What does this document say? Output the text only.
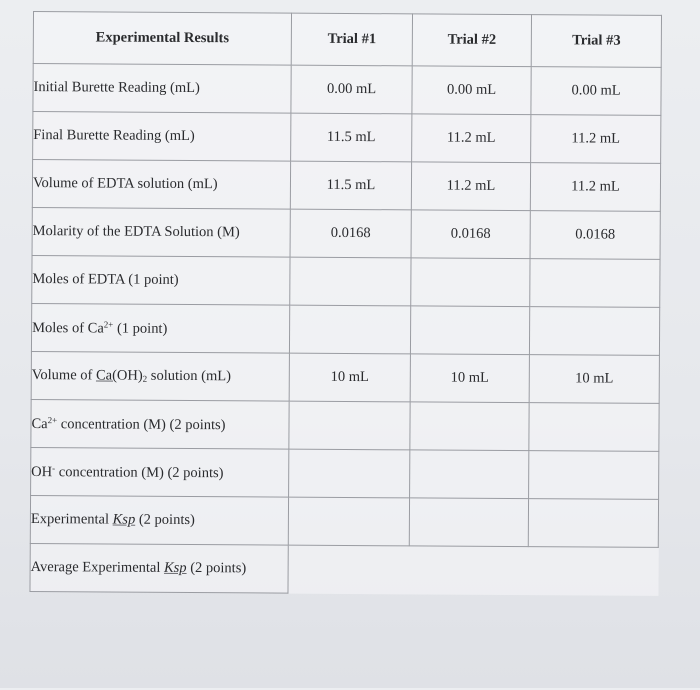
Experimental Results	Trial #1	Trial #2	Trial #3
Initial Burette Reading (mL)	0.00 mL	0.00 mL	0.00 mL
Final Burette Reading (mL)	11.5 mL	11.2 mL	11.2 mL
Volume of EDTA solution (mL)	11.5 mL	11.2 mL	11.2 mL
Molarity of the EDTA Solution (M)	0.0168	0.0168	0.0168
Moles of EDTA (1 point)			
Moles of $Ca^{2+}$ (1 point)			
Volume of $Ca(OH)_2$ solution (mL)	10 mL	10 mL	10 mL
$Ca^{2+}$ concentration (M) (2 points)			
OH- concentration (M) (2 points)			
Experimental Ksp (2 points)			
Average Experimental Ksp (2 points)			
